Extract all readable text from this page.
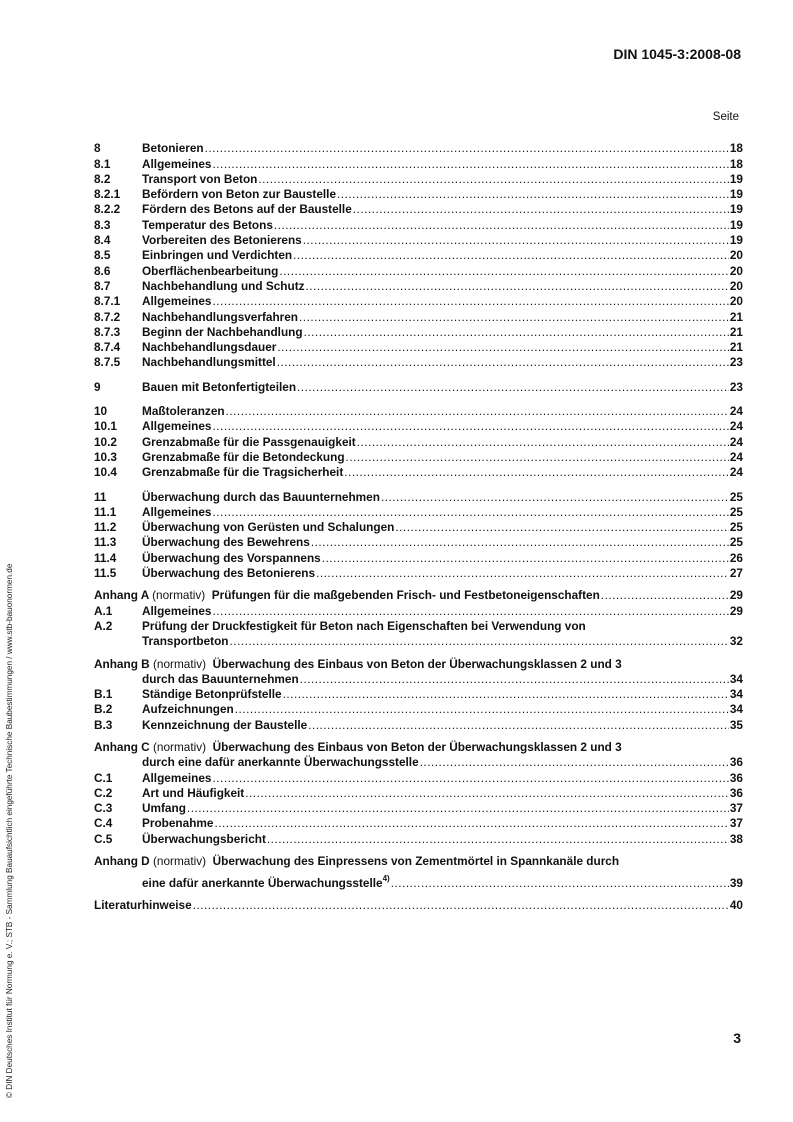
DIN 1045-3:2008-08
Seite
8	Betonieren .....	18
8.1	Allgemeines .....	18
8.2	Transport von Beton .....	19
8.2.1	Befördern von Beton zur Baustelle .....	19
8.2.2	Fördern des Betons auf der Baustelle .....	19
8.3	Temperatur des Betons .....	19
8.4	Vorbereiten des Betonierens .....	19
8.5	Einbringen und Verdichten .....	20
8.6	Oberflächenbearbeitung .....	20
8.7	Nachbehandlung und Schutz .....	20
8.7.1	Allgemeines .....	20
8.7.2	Nachbehandlungsverfahren .....	21
8.7.3	Beginn der Nachbehandlung .....	21
8.7.4	Nachbehandlungsdauer .....	21
8.7.5	Nachbehandlungsmittel .....	23
9	Bauen mit Betonfertigteilen .....	23
10	Maßtoleranzen .....	24
10.1	Allgemeines .....	24
10.2	Grenzabmaße für die Passgenauigkeit .....	24
10.3	Grenzabmaße für die Betondeckung .....	24
10.4	Grenzabmaße für die Tragsicherheit .....	24
11	Überwachung durch das Bauunternehmen .....	25
11.1	Allgemeines .....	25
11.2	Überwachung von Gerüsten und Schalungen .....	25
11.3	Überwachung des Bewehrens .....	25
11.4	Überwachung des Vorspannens .....	26
11.5	Überwachung des Betonierens .....	27
Anhang A (normativ) Prüfungen für die maßgebenden Frisch- und Festbetoneigenschaften .....	29
A.1	Allgemeines .....	29
A.2	Prüfung der Druckfestigkeit für Beton nach Eigenschaften bei Verwendung von
Transportbeton .....	32
Anhang B (normativ) Überwachung des Einbaus von Beton der Überwachungsklassen 2 und 3
durch das Bauunternehmen .....	34
B.1	Ständige Betonprüfstelle .....	34
B.2	Aufzeichnungen .....	34
B.3	Kennzeichnung der Baustelle .....	35
Anhang C (normativ) Überwachung des Einbaus von Beton der Überwachungsklassen 2 und 3
durch eine dafür anerkannte Überwachungsstelle .....	36
C.1	Allgemeines .....	36
C.2	Art und Häufigkeit .....	36
C.3	Umfang .....	37
C.4	Probenahme .....	37
C.5	Überwachungsbericht .....	38
Anhang D (normativ) Überwachung des Einpressens von Zementmörtel in Spannkanäle durch
eine dafür anerkannte Überwachungsstelle$^{4)}$ .....	39
Literaturhinweise .....	40
3
© DIN Deutsches Institut für Normung e. V.; STB - Sammlung Bauaufsichtlich eingeführte Technische Baubestimmungen / www.stb-bauonormen.de
